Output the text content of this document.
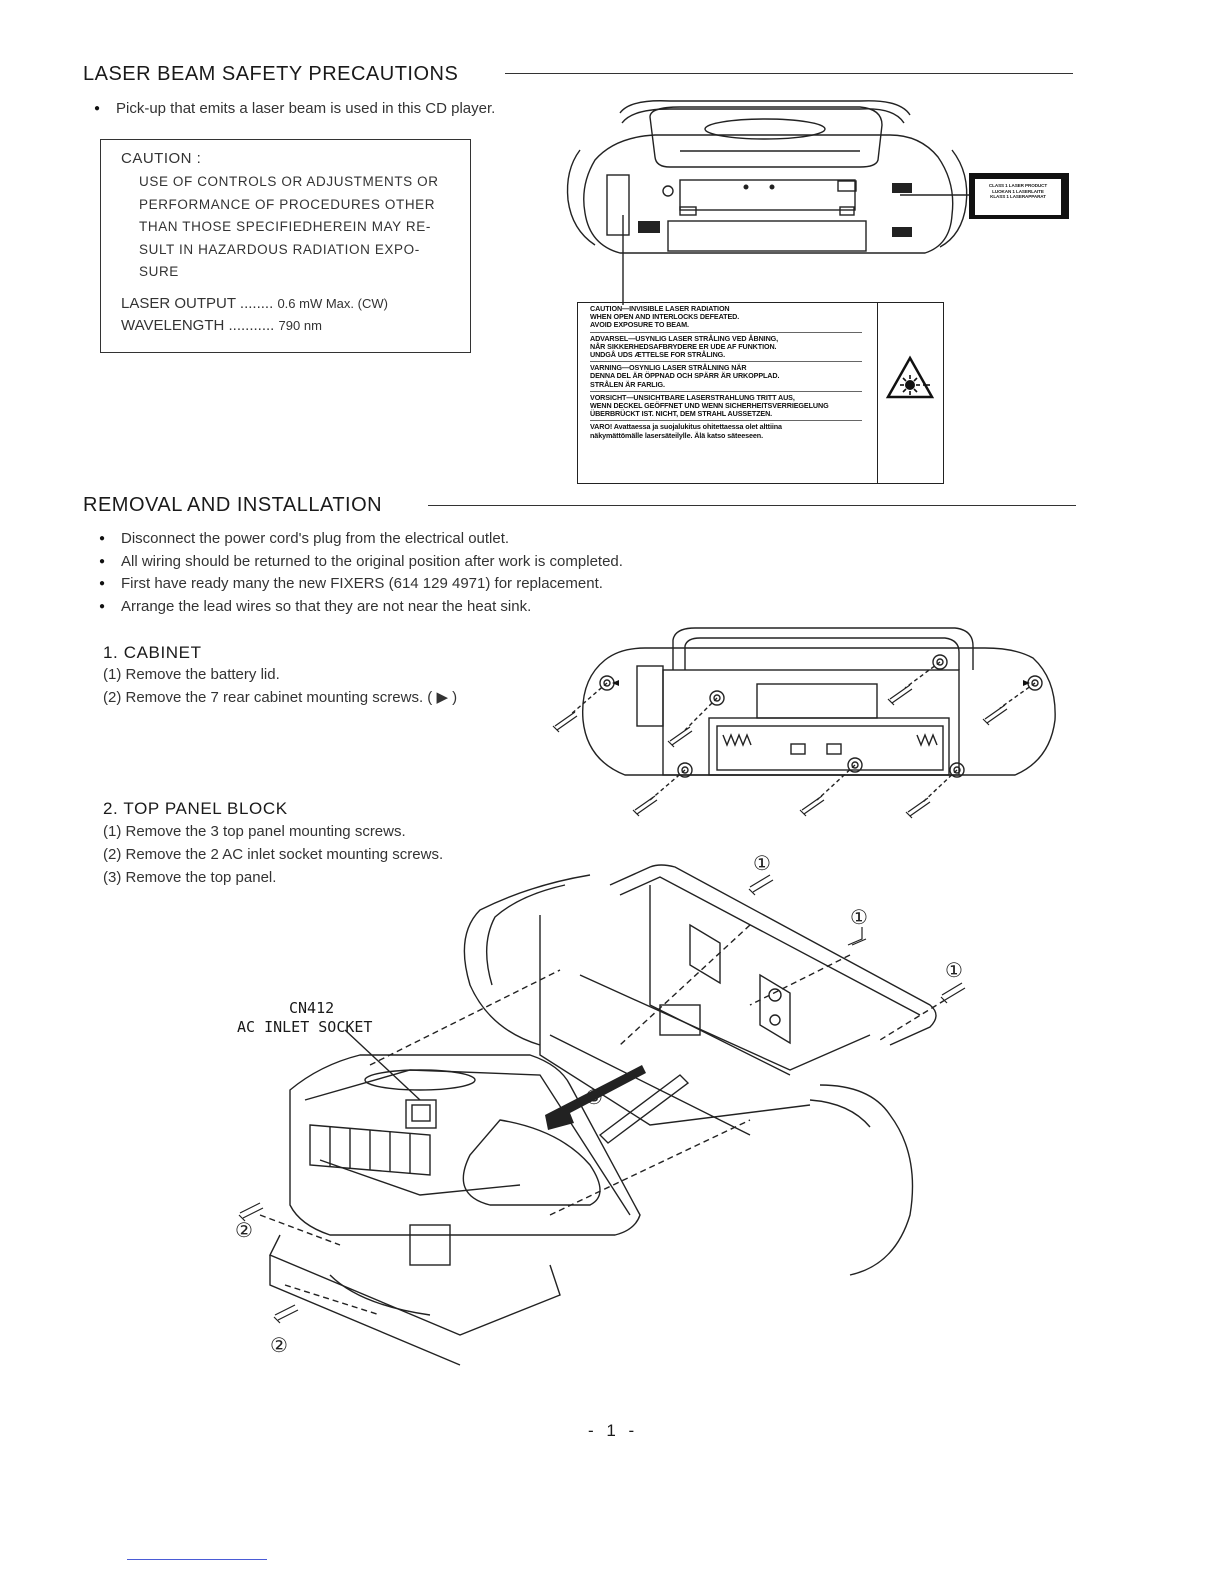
LASER BEAM SAFETY PRECAUTIONS
● Pick-up that emits a laser beam is used in this CD player.
CAUTION :
USE OF CONTROLS OR ADJUSTMENTS OR
PERFORMANCE OF PROCEDURES OTHER
THAN THOSE SPECIFIEDHEREIN MAY RE-
SULT IN HAZARDOUS RADIATION EXPO-
SURE
LASER OUTPUT ........ 0.6 mW Max. (CW)
WAVELENGTH ........... 790 nm
CLASS 1 LASER PRODUCT
LUOKAN 1 LASERLAITE
KLASS 1 LASERAPPARAT
CAUTION—INVISIBLE LASER RADIATION
WHEN OPEN AND INTERLOCKS DEFEATED.
AVOID EXPOSURE TO BEAM.
ADVARSEL—USYNLIG LASER STRÅLING VED ÅBNING,
NÅR SIKKERHEDSAFBRYDERE ER UDE AF FUNKTION.
UNDGÅ UDS ÆTTELSE FOR STRÅLING.
VARNING—OSYNLIG LASER STRÅLNING NÄR
DENNA DEL ÄR ÖPPNAD OCH SPÄRR ÄR URKOPPLAD.
STRÅLEN ÄR FARLIG.
VORSICHT—UNSICHTBARE LASERSTRAHLUNG TRITT AUS,
WENN DECKEL GEÖFFNET UND WENN SICHERHEITSVERRIEGELUNG
ÜBERBRÜCKT IST. NICHT, DEM STRAHL AUSSETZEN.
VARO! Avattaessa ja suojalukitus ohitettaessa olet alttiina
näkymättömälle lasersäteilylle. Älä katso säteeseen.
REMOVAL AND INSTALLATION
● Disconnect the power cord's plug from the electrical outlet.
● All wiring should be returned to the original position after work is completed.
● First have ready many the new FIXERS (614 129 4971) for replacement.
● Arrange the lead wires so that they are not near the heat sink.
1. CABINET
(1) Remove the battery lid.
(2) Remove the 7 rear cabinet mounting screws. ( ▶ )
2. TOP PANEL BLOCK
(1) Remove the 3 top panel mounting screws.
(2) Remove the 2 AC inlet socket mounting screws.
(3) Remove the top panel.
①
①
①
③
②
②
CN412
AC INLET SOCKET
- 1 -
